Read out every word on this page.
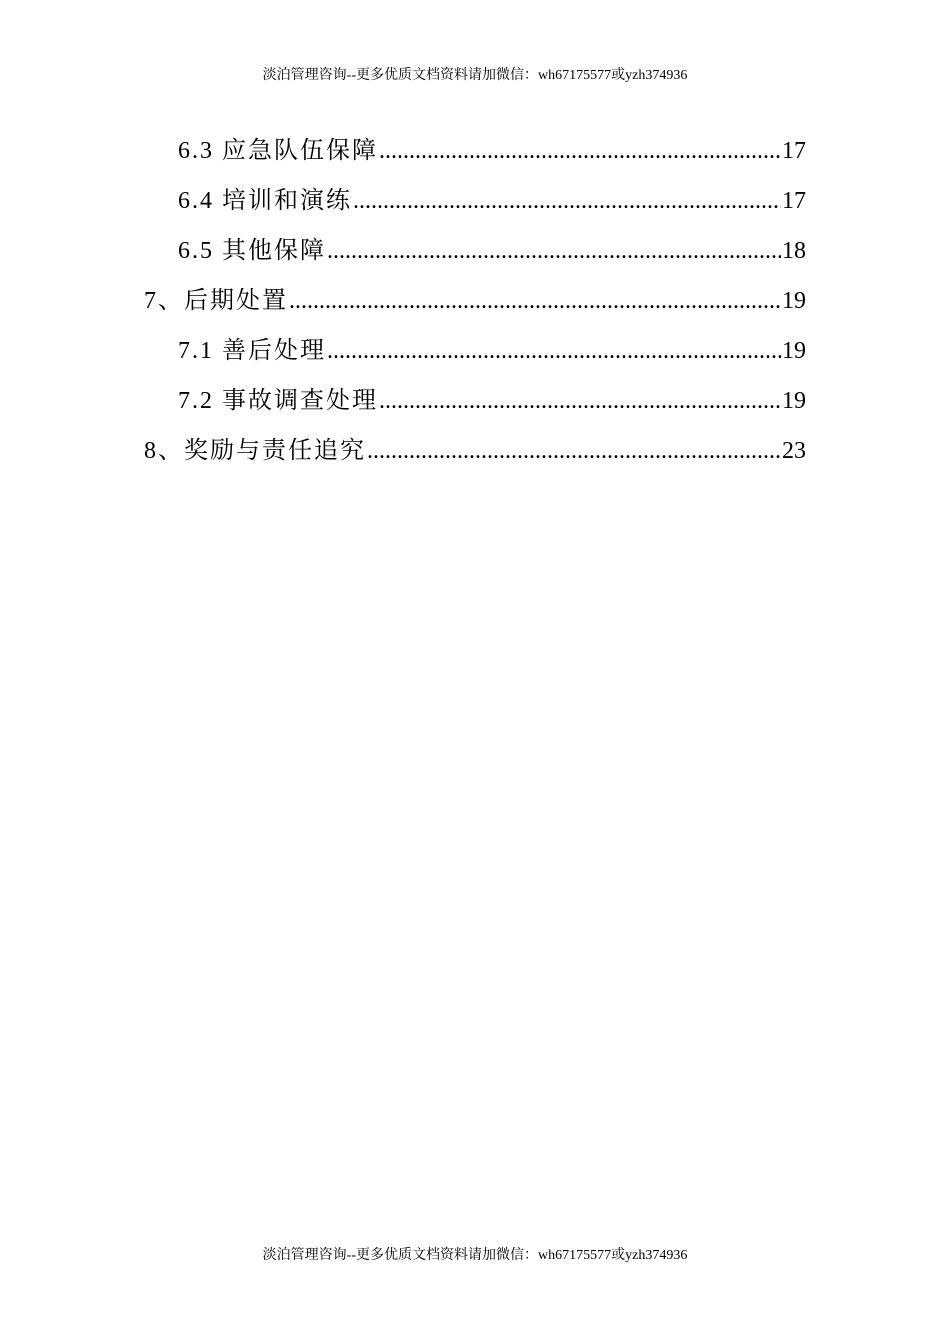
淡泊管理咨询--更多优质文档资料请加微信：wh67175577或yzh374936
6.3 应急队伍保障 .....	17
6.4 培训和演练 .....	17
6.5 其他保障 .....	18
7、后期处置 .....	19
7.1 善后处理 .....	19
7.2 事故调查处理 .....	19
8、奖励与责任追究 .....	23
淡泊管理咨询--更多优质文档资料请加微信：wh67175577或yzh374936
